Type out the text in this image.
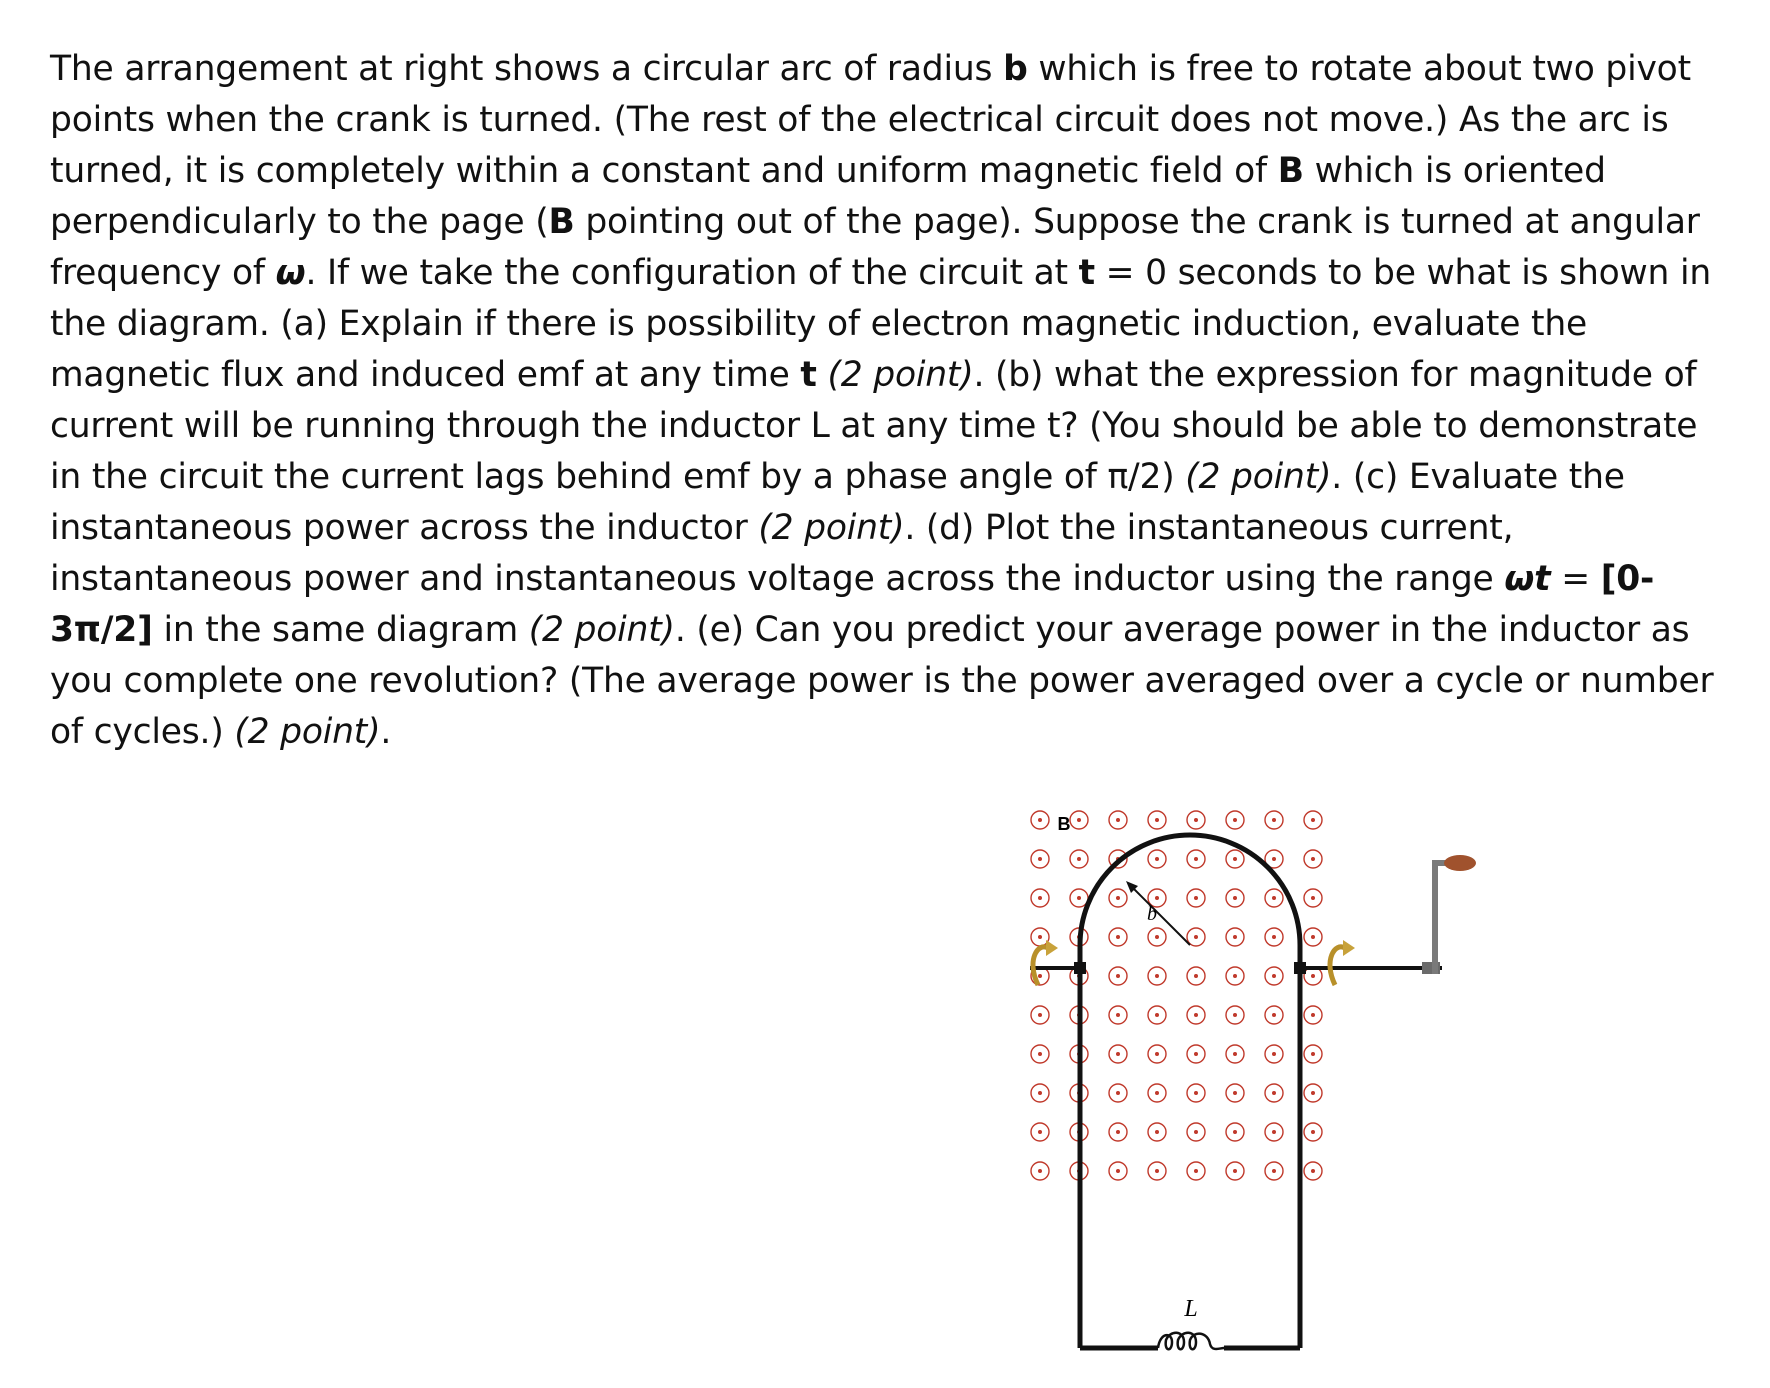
The arrangement at right shows a circular arc of radius b which is free to rotate about two pivot points when the crank is turned. (The rest of the electrical circuit does not move.) As the arc is turned, it is completely within a constant and uniform magnetic field of B which is oriented perpendicularly to the page (B pointing out of the page). Suppose the crank is turned at angular frequency of ω. If we take the configuration of the circuit at t = 0 seconds to be what is shown in the diagram. (a) Explain if there is possibility of electron magnetic induction, evaluate the magnetic flux and induced emf at any time t (2 point). (b) what the expression for magnitude of current will be running through the inductor L at any time t? (You should be able to demonstrate in the circuit the current lags behind emf by a phase angle of π/2) (2 point). (c) Evaluate the instantaneous power across the inductor (2 point). (d) Plot the instantaneous current, instantaneous power and instantaneous voltage across the inductor using the range ωt = [0-3π/2] in the same diagram (2 point). (e) Can you predict your average power in the inductor as you complete one revolution? (The average power is the power averaged over a cycle or number of cycles.) (2 point).

L
b
B
